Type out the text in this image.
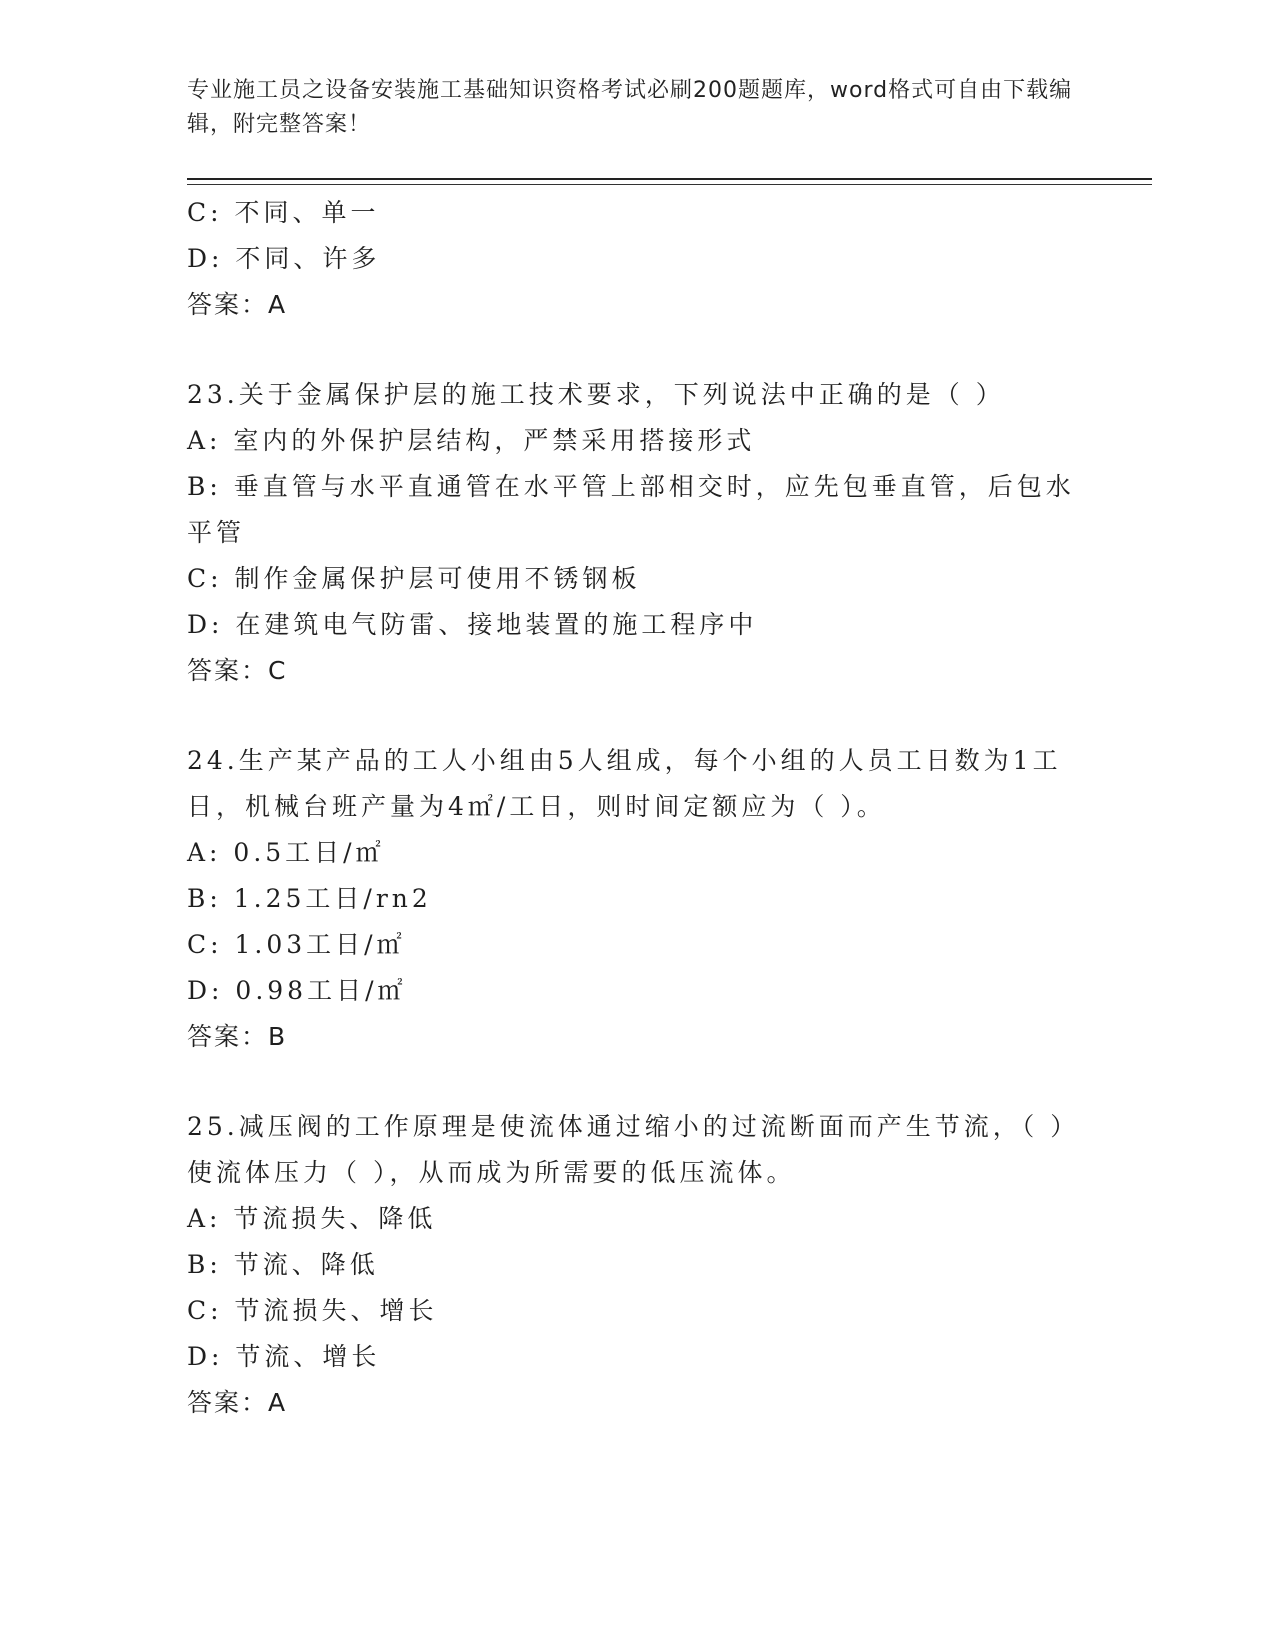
专业施工员之设备安装施工基础知识资格考试必刷200题题库，word格式可自由下载编辑，附完整答案！
C: 不同、单一
D: 不同、许多
答案：A
23.关于金属保护层的施工技术要求，下列说法中正确的是（ ）
A: 室内的外保护层结构，严禁采用搭接形式
B: 垂直管与水平直通管在水平管上部相交时，应先包垂直管，后包水平管
C: 制作金属保护层可使用不锈钢板
D: 在建筑电气防雷、接地装置的施工程序中
答案：C
24.生产某产品的工人小组由5人组成，每个小组的人员工日数为1工日，机械台班产量为4㎡/工日，则时间定额应为（ ）。
A: 0.5工日/㎡
B: 1.25工日/rn2
C: 1.03工日/㎡
D: 0.98工日/㎡
答案：B
25.减压阀的工作原理是使流体通过缩小的过流断面而产生节流，（ ）使流体压力（ ），从而成为所需要的低压流体。
A: 节流损失、降低
B: 节流、降低
C: 节流损失、增长
D: 节流、增长
答案：A
